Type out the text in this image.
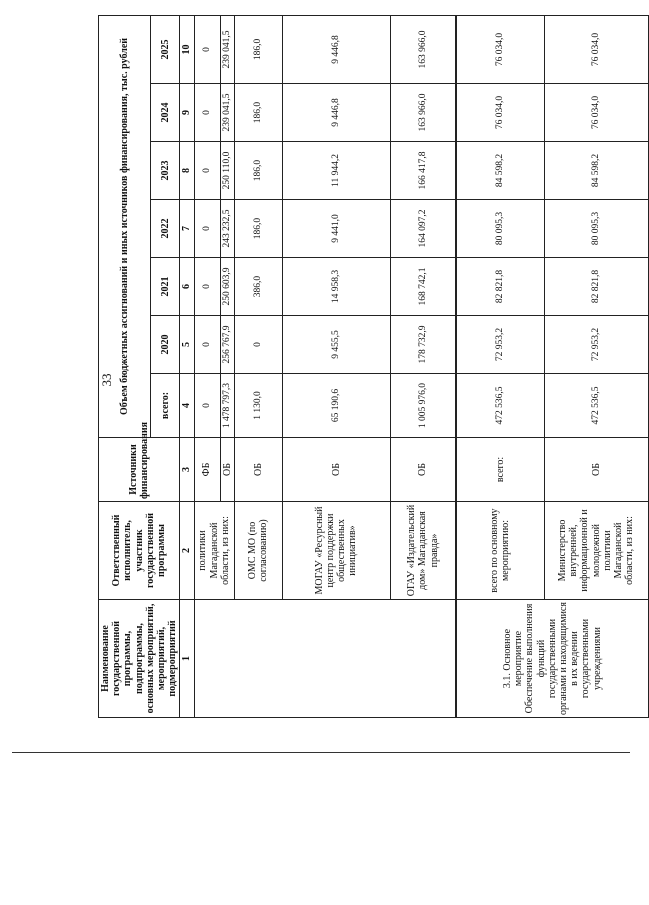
33
Наименование государственной программы, подпрограммы, основных мероприятий, мероприятий, подмероприятий	Ответственный исполнитель, участник государственной программы	Источники финансирования	Объем бюджетных ассигнований и иных источников финансирования, тыс. рублей						
			всего:	2020	2021	2022	2023	2024	2025
1	2	3	4	5	6	7	8	9	10
	политики Магаданской области, из них:	ФБ	0	0	0	0	0	0	0
		ОБ	1 478 797,3	256 767,9	250 603,9	243 232,5	250 110,0	239 041,5	239 041,5
	ОМС МО (по согласованию)	ОБ	1 130,0	0	386,0	186,0	186,0	186,0	186,0
	МОГАУ «Ресурсный центр поддержки общественных инициатив»	ОБ	65 190,6	9 455,5	14 958,3	9 441,0	11 944,2	9 446,8	9 446,8
	ОГАУ «Издательский дом» Магаданская правда»	ОБ	1 005 976,0	178 732,9	168 742,1	164 097,2	166 417,8	163 966,0	163 966,0
3.1. Основное мероприятие Обеспечение выполнения функций государственными органами и находящимися в их ведении государственными учреждениями	всего по основному мероприятию:	всего:	472 536,5	72 953,2	82 821,8	80 095,3	84 598,2	76 034,0	76 034,0
	Министерство внутренней, информационной и молодежной политики Магаданской области, из них:	ОБ	472 536,5	72 953,2	82 821,8	80 095,3	84 598,2	76 034,0	76 034,0
